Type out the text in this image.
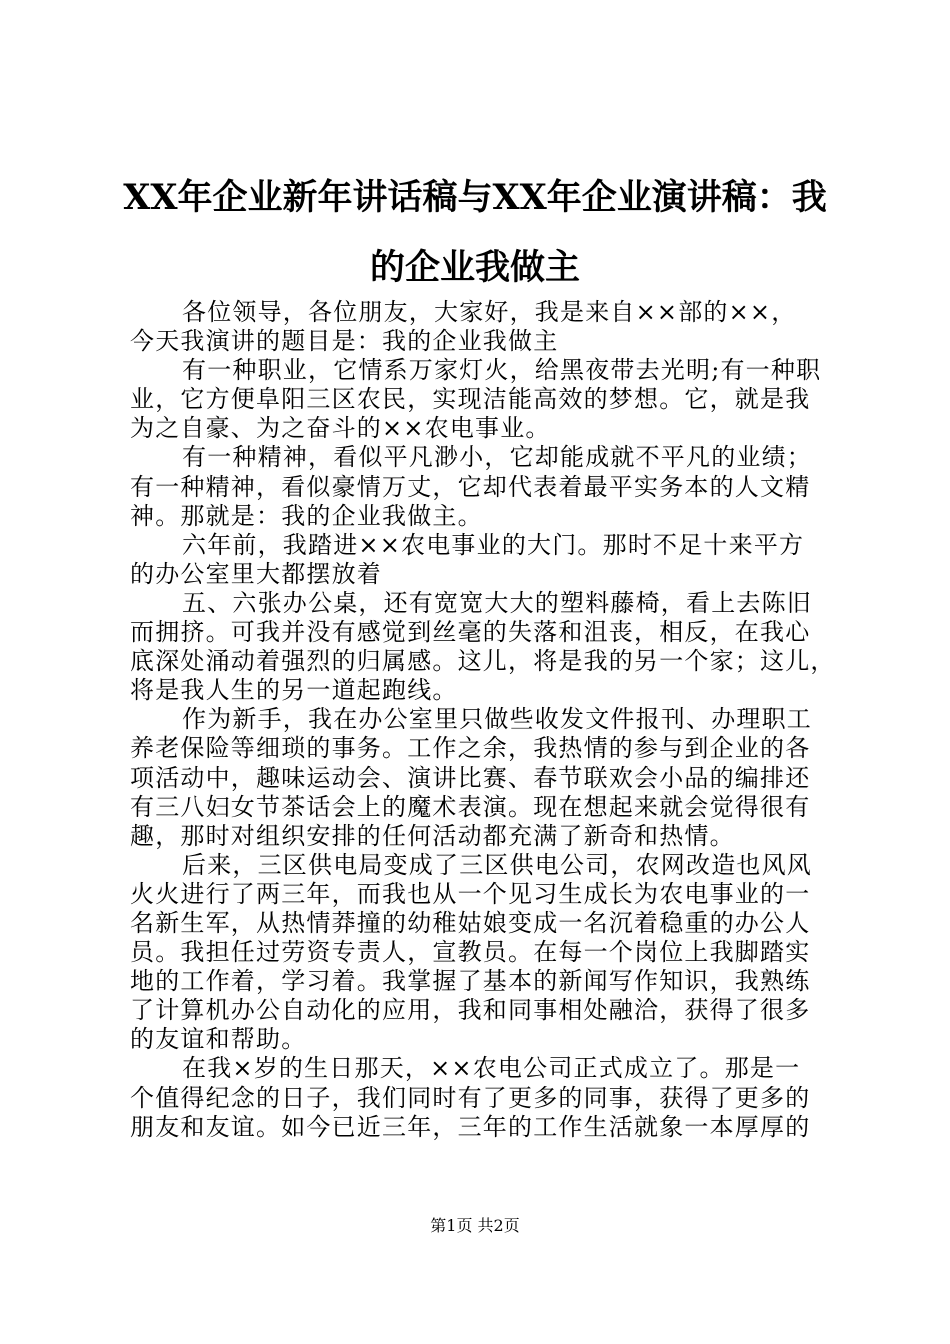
XX年企业新年讲话稿与XX年企业演讲稿：我
的企业我做主
各位领导，各位朋友，大家好，我是来自××部的××，
今天我演讲的题目是：我的企业我做主
有一种职业，它情系万家灯火，给黑夜带去光明;有一种职
业，它方便阜阳三区农民，实现洁能高效的梦想。它，就是我
为之自豪、为之奋斗的××农电事业。
有一种精神，看似平凡渺小，它却能成就不平凡的业绩；
有一种精神，看似豪情万丈，它却代表着最平实务本的人文精
神。那就是：我的企业我做主。
六年前，我踏进××农电事业的大门。那时不足十来平方
的办公室里大都摆放着
五、六张办公桌，还有宽宽大大的塑料藤椅，看上去陈旧
而拥挤。可我并没有感觉到丝毫的失落和沮丧，相反，在我心
底深处涌动着强烈的归属感。这儿，将是我的另一个家；这儿，
将是我人生的另一道起跑线。
作为新手，我在办公室里只做些收发文件报刊、办理职工
养老保险等细琐的事务。工作之余，我热情的参与到企业的各
项活动中，趣味运动会、演讲比赛、春节联欢会小品的编排还
有三八妇女节茶话会上的魔术表演。现在想起来就会觉得很有
趣，那时对组织安排的任何活动都充满了新奇和热情。
后来，三区供电局变成了三区供电公司，农网改造也风风
火火进行了两三年，而我也从一个见习生成长为农电事业的一
名新生军，从热情莽撞的幼稚姑娘变成一名沉着稳重的办公人
员。我担任过劳资专责人，宣教员。在每一个岗位上我脚踏实
地的工作着，学习着。我掌握了基本的新闻写作知识，我熟练
了计算机办公自动化的应用，我和同事相处融洽，获得了很多
的友谊和帮助。
在我×岁的生日那天，××农电公司正式成立了。那是一
个值得纪念的日子，我们同时有了更多的同事，获得了更多的
朋友和友谊。如今已近三年，三年的工作生活就象一本厚厚的
第1页 共2页
